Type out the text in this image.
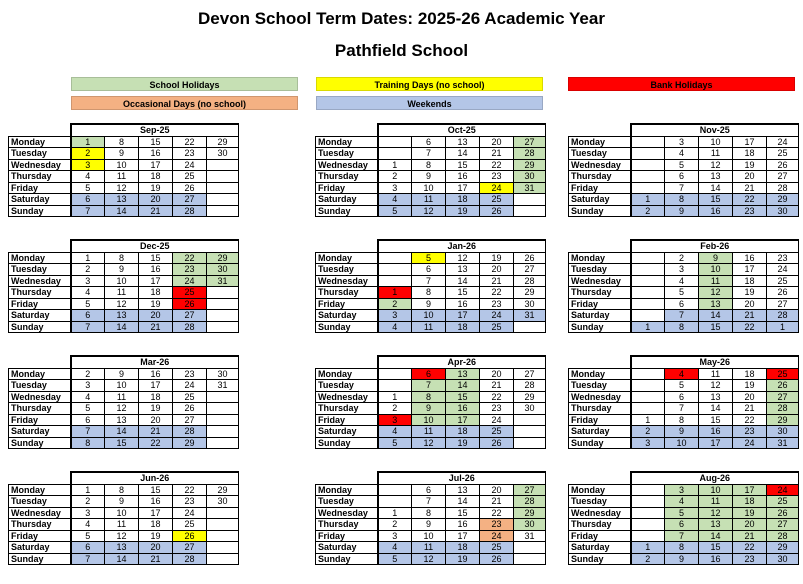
Devon School Term Dates: 2025-26 Academic Year
Pathfield School
School Holidays	Training Days (no school)	Bank Holidays
Occasional Days (no school)	Weekends
	Sep-25				
Monday	1	8	15	22	29
Tuesday	2	9	16	23	30
Wednesday	3	10	17	24	
Thursday	4	11	18	25	
Friday	5	12	19	26	
Saturday	6	13	20	27	
Sunday	7	14	21	28	
	Oct-25				
Monday		6	13	20	27
Tuesday		7	14	21	28
Wednesday	1	8	15	22	29
Thursday	2	9	16	23	30
Friday	3	10	17	24	31
Saturday	4	11	18	25	
Sunday	5	12	19	26	
	Nov-25				
Monday		3	10	17	24
Tuesday		4	11	18	25
Wednesday		5	12	19	26
Thursday		6	13	20	27
Friday		7	14	21	28
Saturday	1	8	15	22	29
Sunday	2	9	16	23	30
	Dec-25				
Monday	1	8	15	22	29
Tuesday	2	9	16	23	30
Wednesday	3	10	17	24	31
Thursday	4	11	18	25	
Friday	5	12	19	26	
Saturday	6	13	20	27	
Sunday	7	14	21	28	
	Jan-26				
Monday		5	12	19	26
Tuesday		6	13	20	27
Wednesday		7	14	21	28
Thursday	1	8	15	22	29
Friday	2	9	16	23	30
Saturday	3	10	17	24	31
Sunday	4	11	18	25	
	Feb-26				
Monday		2	9	16	23
Tuesday		3	10	17	24
Wednesday		4	11	18	25
Thursday		5	12	19	26
Friday		6	13	20	27
Saturday		7	14	21	28
Sunday	1	8	15	22	1
	Mar-26				
Monday	2	9	16	23	30
Tuesday	3	10	17	24	31
Wednesday	4	11	18	25	
Thursday	5	12	19	26	
Friday	6	13	20	27	
Saturday	7	14	21	28	
Sunday	8	15	22	29	
	Apr-26				
Monday		6	13	20	27
Tuesday		7	14	21	28
Wednesday	1	8	15	22	29
Thursday	2	9	16	23	30
Friday	3	10	17	24	
Saturday	4	11	18	25	
Sunday	5	12	19	26	
	May-26				
Monday		4	11	18	25
Tuesday		5	12	19	26
Wednesday		6	13	20	27
Thursday		7	14	21	28
Friday	1	8	15	22	29
Saturday	2	9	16	23	30
Sunday	3	10	17	24	31
	Jun-26				
Monday	1	8	15	22	29
Tuesday	2	9	16	23	30
Wednesday	3	10	17	24	
Thursday	4	11	18	25	
Friday	5	12	19	26	
Saturday	6	13	20	27	
Sunday	7	14	21	28	
	Jul-26				
Monday		6	13	20	27
Tuesday		7	14	21	28
Wednesday	1	8	15	22	29
Thursday	2	9	16	23	30
Friday	3	10	17	24	31
Saturday	4	11	18	25	
Sunday	5	12	19	26	
	Aug-26				
Monday		3	10	17	24
Tuesday		4	11	18	25
Wednesday		5	12	19	26
Thursday		6	13	20	27
Friday		7	14	21	28
Saturday	1	8	15	22	29
Sunday	2	9	16	23	30
